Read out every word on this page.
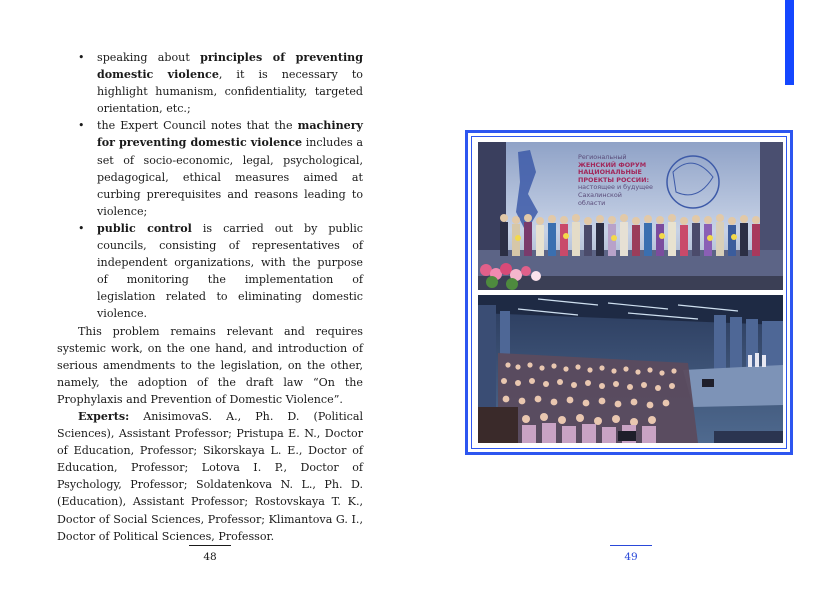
• speaking about principles of preventing domestic violence, it is necessary to highlight humanism, confidentiality, targeted orientation, etc.;
• the Expert Council notes that the machinery for preventing domestic violence includes a set of socio-economic, legal, psychological, pedagogical, ethical measures aimed at curbing prerequisites and reasons leading to violence;
• public control is carried out by public councils, consisting of representatives of independent organizations, with the purpose of monitoring the implementation of legislation related to eliminating domestic violence.

This problem remains relevant and requires systemic work, on the one hand, and introduction of serious amendments to the legislation, on the other, namely, the adoption of the draft law “On the Prophylaxis and Prevention of Domestic Violence”.

Experts: AnisimovaS. A., Ph. D. (Political Sciences), Assistant Professor; Pristupa E. N., Doctor of Education, Professor; Sikorskaya L. E., Doctor of Education, Professor; Lotova I. P., Doctor of Psychology, Professor; Soldatenkova N. L., Ph. D. (Education), Assistant Professor; Rostovskaya T. K., Doctor of Social Sciences, Professor; Klimantova G. I., Doctor of Political Sciences, Professor.

48
Региональный
ЖЕНСКИЙ ФОРУМ
НАЦИОНАЛЬНЫЕ
ПРОЕКТЫ РОССИИ:
настоящее и будущее
Сахалинской
области
49
